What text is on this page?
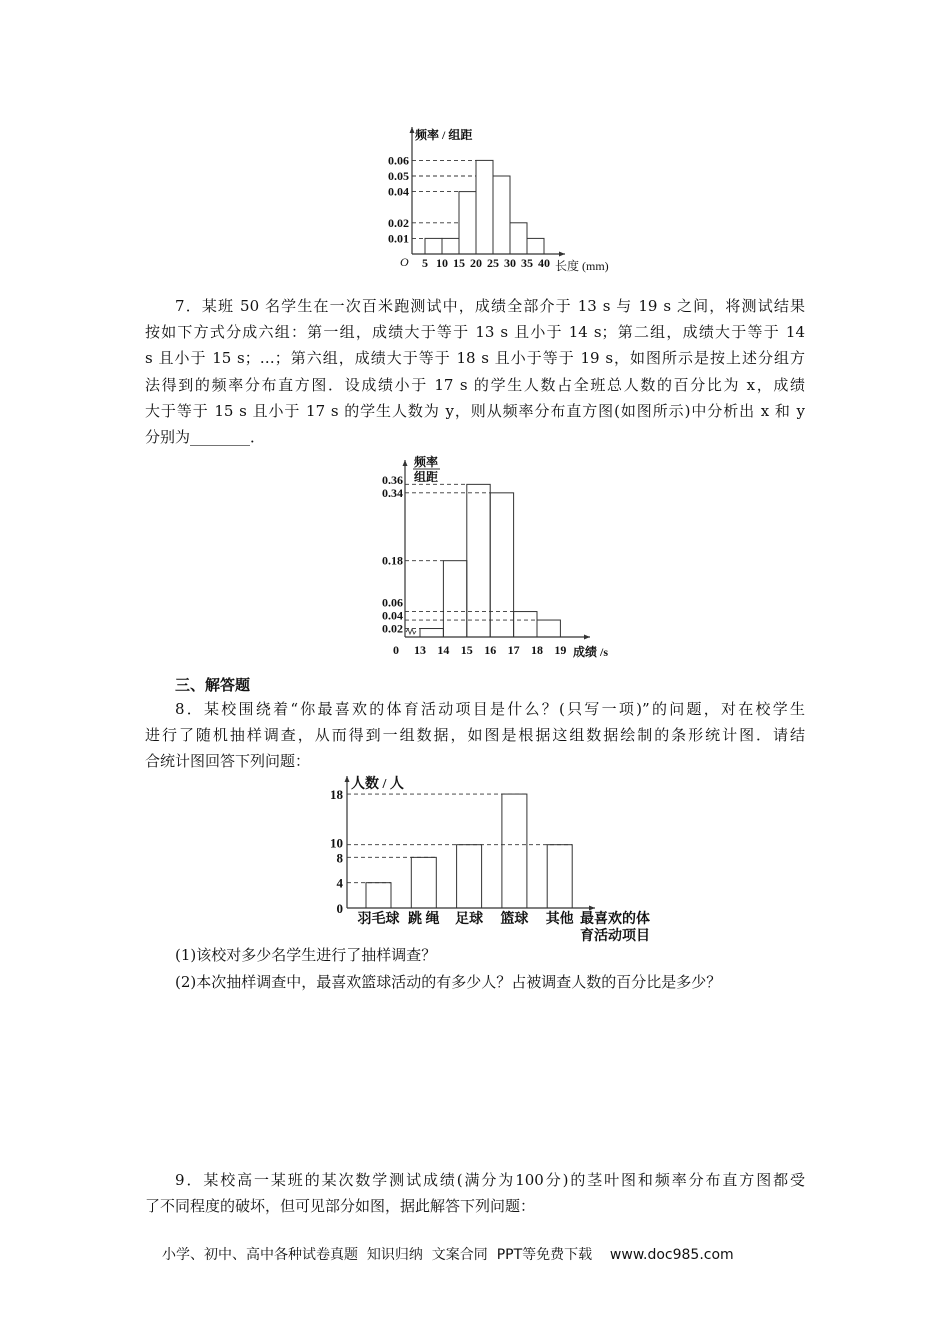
频率 / 组距
0.06
0.05
0.04
0.02
0.01
O 5 10 15 20 25 30 35 40 长度 (mm)
7．某班 50 名学生在一次百米跑测试中，成绩全部介于 13 s 与 19 s 之间，将测试结果
按如下方式分成六组：第一组，成绩大于等于 13 s 且小于 14 s；第二组，成绩大于等于 14
s 且小于 15 s；…；第六组，成绩大于等于 18 s 且小于等于 19 s，如图所示是按上述分组方
法得到的频率分布直方图．设成绩小于 17 s 的学生人数占全班总人数的百分比为 x，成绩
大于等于 15 s 且小于 17 s 的学生人数为 y，则从频率分布直方图(如图所示)中分析出 x 和 y
分别为________．
频率
组距
0.36
0.34
0.18
0.06
0.04
0.02
0 13 14 15 16 17 18 19 成绩 /s
三、解答题
8．某校围绕着“你最喜欢的体育活动项目是什么？(只写一项)”的问题，对在校学生
进行了随机抽样调查，从而得到一组数据，如图是根据这组数据绘制的条形统计图．请结
合统计图回答下列问题：
人数 / 人
18
10
8
4
0
羽毛球 跳 绳 足球 篮球 其他 最喜欢的体
育活动项目
(1)该校对多少名学生进行了抽样调查？
(2)本次抽样调查中，最喜欢篮球活动的有多少人？占被调查人数的百分比是多少？
9．某校高一某班的某次数学测试成绩(满分为100分)的茎叶图和频率分布直方图都受
了不同程度的破坏，但可见部分如图，据此解答下列问题：
小学、初中、高中各种试卷真题  知识归纳  文案合同  PPT等免费下载    www.doc985.com
